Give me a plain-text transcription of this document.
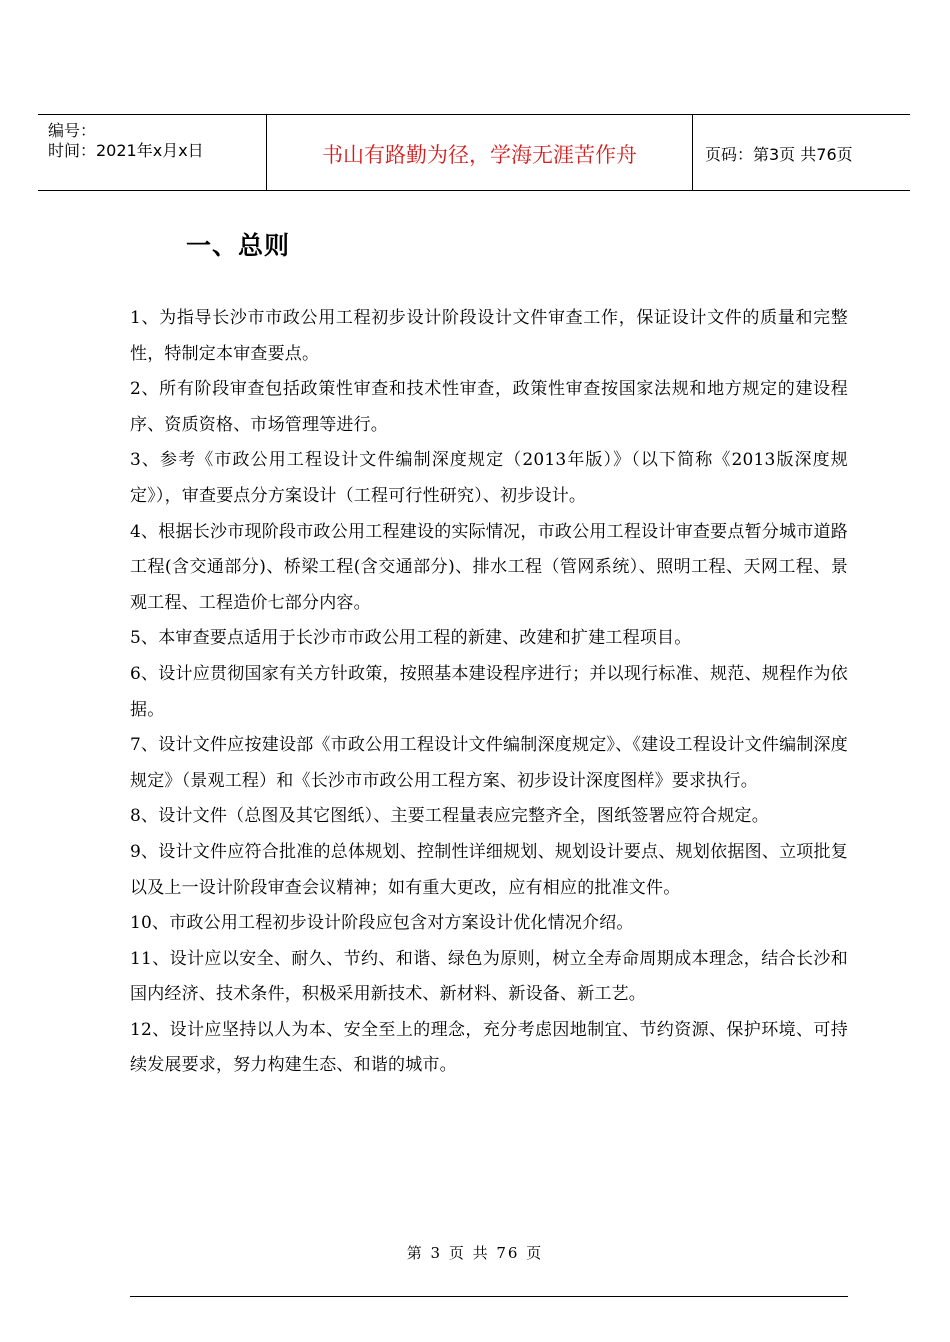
编号：
时间：2021年x月x日	书山有路勤为径，学海无涯苦作舟	页码：第3页 共76页
一、总则

1、为指导长沙市市政公用工程初步设计阶段设计文件审查工作，保证设计文件的质量和完整性，特制定本审查要点。

2、所有阶段审查包括政策性审查和技术性审查，政策性审查按国家法规和地方规定的建设程序、资质资格、市场管理等进行。

3、参考《市政公用工程设计文件编制深度规定（2013年版）》（以下简称《2013版深度规定》），审查要点分方案设计（工程可行性研究）、初步设计。

4、根据长沙市现阶段市政公用工程建设的实际情况，市政公用工程设计审查要点暂分城市道路工程(含交通部分)、桥梁工程(含交通部分)、排水工程（管网系统）、照明工程、天网工程、景观工程、工程造价七部分内容。

5、本审查要点适用于长沙市市政公用工程的新建、改建和扩建工程项目。

6、设计应贯彻国家有关方针政策，按照基本建设程序进行；并以现行标准、规范、规程作为依据。

7、设计文件应按建设部《市政公用工程设计文件编制深度规定》、《建设工程设计文件编制深度规定》（景观工程）和《长沙市市政公用工程方案、初步设计深度图样》要求执行。

8、设计文件（总图及其它图纸）、主要工程量表应完整齐全，图纸签署应符合规定。

9、设计文件应符合批准的总体规划、控制性详细规划、规划设计要点、规划依据图、立项批复以及上一设计阶段审查会议精神；如有重大更改，应有相应的批准文件。

10、市政公用工程初步设计阶段应包含对方案设计优化情况介绍。

11、设计应以安全、耐久、节约、和谐、绿色为原则，树立全寿命周期成本理念，结合长沙和国内经济、技术条件，积极采用新技术、新材料、新设备、新工艺。

12、设计应坚持以人为本、安全至上的理念，充分考虑因地制宜、节约资源、保护环境、可持续发展要求，努力构建生态、和谐的城市。

第 3 页 共 76 页
